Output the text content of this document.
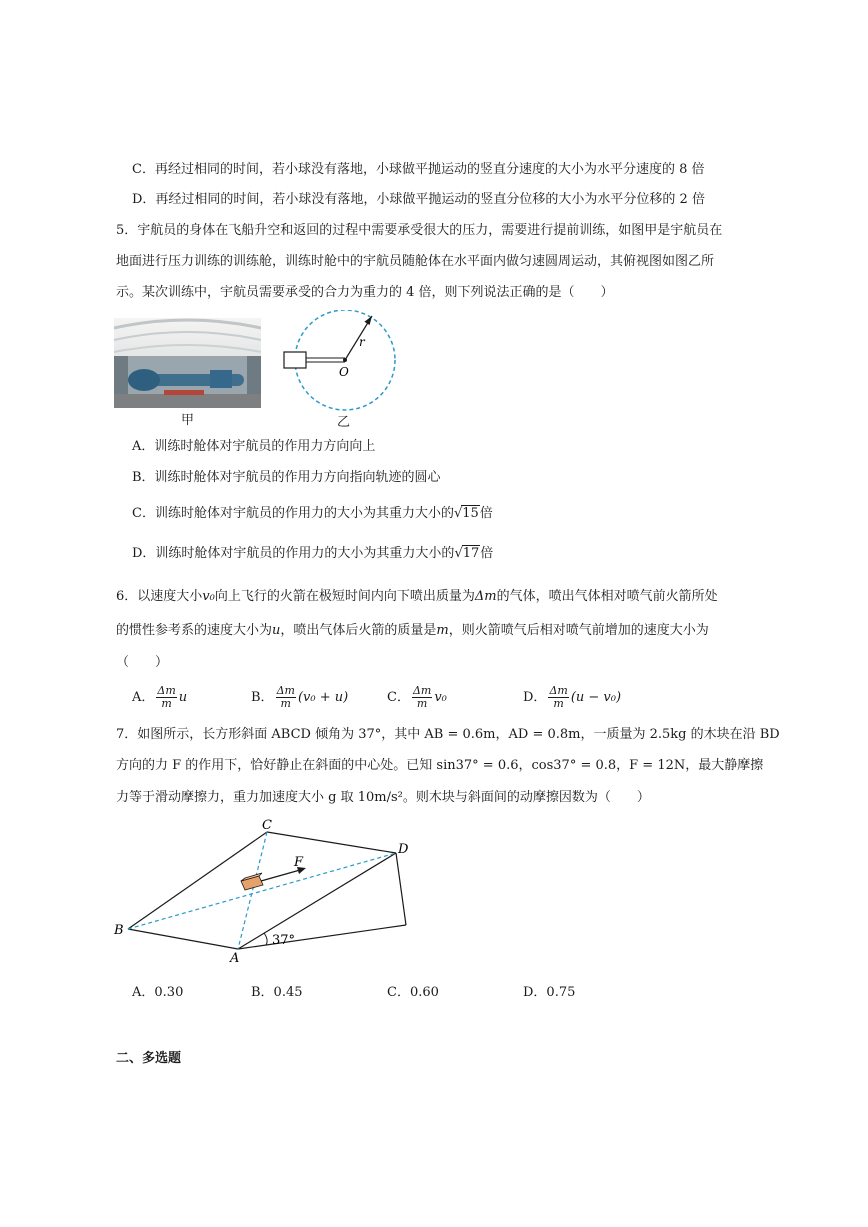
C．再经过相同的时间，若小球没有落地，小球做平抛运动的竖直分速度的大小为水平分速度的 8 倍
D．再经过相同的时间，若小球没有落地，小球做平抛运动的竖直分位移的大小为水平分位移的 2 倍
5．宇航员的身体在飞船升空和返回的过程中需要承受很大的压力，需要进行提前训练，如图甲是宇航员在
地面进行压力训练的训练舱，训练时舱中的宇航员随舱体在水平面内做匀速圆周运动，其俯视图如图乙所
示。某次训练中，宇航员需要承受的合力为重力的 4 倍，则下列说法正确的是（　　）
甲
r
O
乙
A．训练时舱体对宇航员的作用力方向向上
B．训练时舱体对宇航员的作用力方向指向轨迹的圆心
C．训练时舱体对宇航员的作用力的大小为其重力大小的√15倍
D．训练时舱体对宇航员的作用力的大小为其重力大小的√17倍
6．以速度大小v₀向上飞行的火箭在极短时间内向下喷出质量为Δm的气体，喷出气体相对喷气前火箭所处
的惯性参考系的速度大小为u，喷出气体后火箭的质量是m，则火箭喷气后相对喷气前增加的速度大小为
（　　）
A． $\frac{\Delta m}{m}$ u	B． $\frac{\Delta m}{m} (v_0 + u)$	C． $\frac{\Delta m}{m} v_0$	D． $\frac{\Delta m}{m} (u - v_0)$
7．如图所示，长方形斜面 ABCD 倾角为 37°，其中 AB = 0.6m，AD = 0.8m，一质量为 2.5kg 的木块在沿 BD
方向的力 F 的作用下，恰好静止在斜面的中心处。已知 sin37° = 0.6，cos37° = 0.8，F = 12N，最大静摩擦
力等于滑动摩擦力，重力加速度大小 g 取 10m/s²。则木块与斜面间的动摩擦因数为（　　）
C
D
B
A
F
37°
A．0.30	B．0.45	C．0.60	D．0.75
二、多选题
